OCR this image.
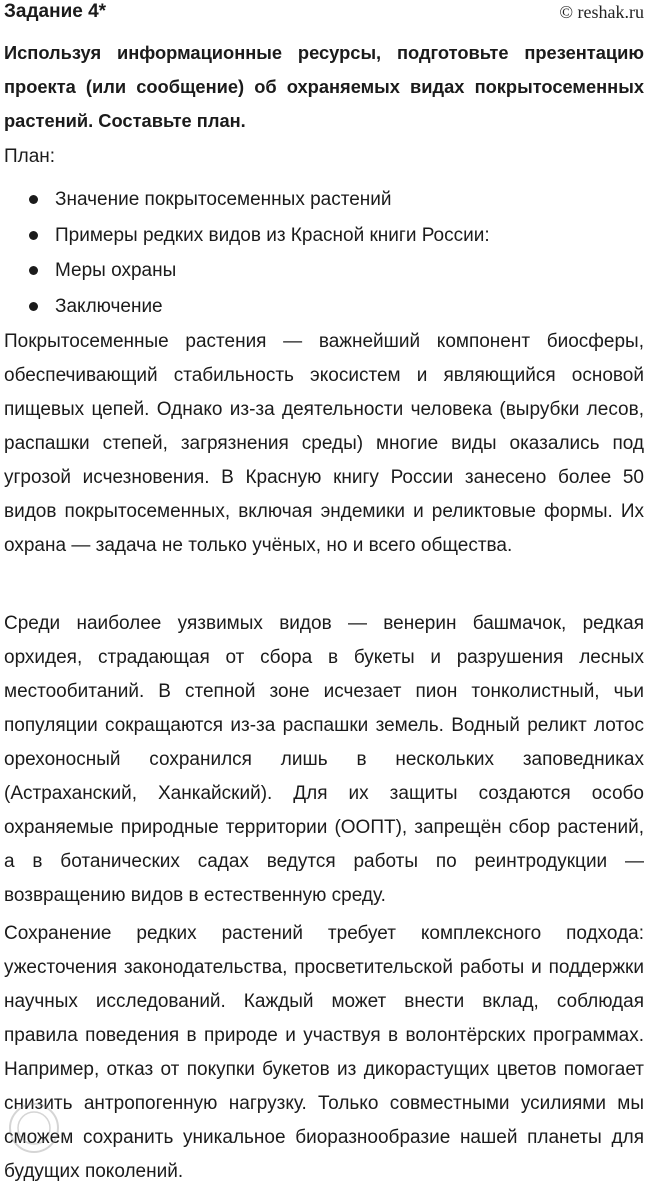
Задание 4*	© reshak.ru

Используя информационные ресурсы, подготовьте презентацию проекта (или сообщение) об охраняемых видах покрытосеменных растений. Составьте план.

План:

Значение покрытосеменных растений
Примеры редких видов из Красной книги России:
Меры охраны
Заключение

Покрытосеменные растения — важнейший компонент биосферы, обеспечивающий стабильность экосистем и являющийся основой пищевых цепей. Однако из-за деятельности человека (вырубки лесов, распашки степей, загрязнения среды) многие виды оказались под угрозой исчезновения. В Красную книгу России занесено более 50 видов покрытосеменных, включая эндемики и реликтовые формы. Их охрана — задача не только учёных, но и всего общества.

Среди наиболее уязвимых видов — венерин башмачок, редкая орхидея, страдающая от сбора в букеты и разрушения лесных местообитаний. В степной зоне исчезает пион тонколистный, чьи популяции сокращаются из-за распашки земель. Водный реликт лотос орехоносный сохранился лишь в нескольких заповедниках (Астраханский, Ханкайский). Для их защиты создаются особо охраняемые природные территории (ООПТ), запрещён сбор растений, а в ботанических садах ведутся работы по реинтродукции — возвращению видов в естественную среду.

Сохранение редких растений требует комплексного подхода: ужесточения законодательства, просветительской работы и поддержки научных исследований. Каждый может внести вклад, соблюдая правила поведения в природе и участвуя в волонтёрских программах. Например, отказ от покупки букетов из дикорастущих цветов помогает снизить антропогенную нагрузку. Только совместными усилиями мы сможем сохранить уникальное биоразнообразие нашей планеты для будущих поколений.
